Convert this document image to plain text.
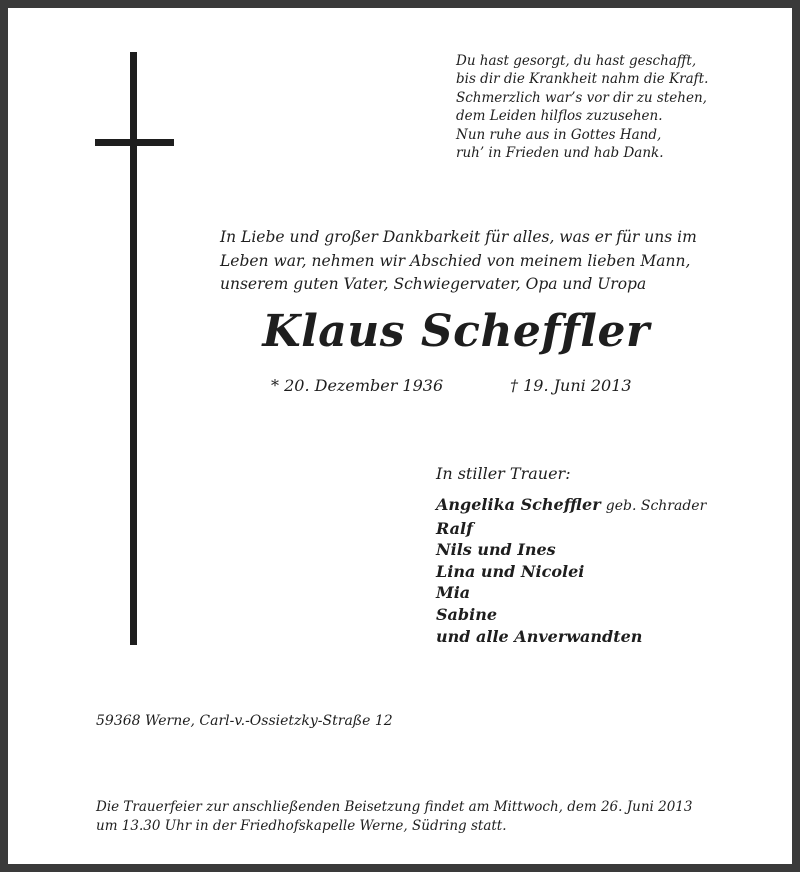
Du hast gesorgt, du hast geschafft,
bis dir die Krankheit nahm die Kraft.
Schmerzlich war’s vor dir zu stehen,
dem Leiden hilflos zuzusehen.
Nun ruhe aus in Gottes Hand,
ruh’ in Frieden und hab Dank.
In Liebe und großer Dankbarkeit für alles, was er für uns im
Leben war, nehmen wir Abschied von meinem lieben Mann,
unserem guten Vater, Schwiegervater, Opa und Uropa
Klaus Scheffler
* 20. Dezember 1936	† 19. Juni 2013
In stiller Trauer:
Angelika Scheffler geb. Schrader
Ralf
Nils und Ines
Lina und Nicolei
Mia
Sabine
und alle Anverwandten
59368 Werne, Carl-v.-Ossietzky-Straße 12
Die Trauerfeier zur anschließenden Beisetzung findet am Mittwoch, dem 26. Juni 2013
um 13.30 Uhr in der Friedhofskapelle Werne, Südring statt.
